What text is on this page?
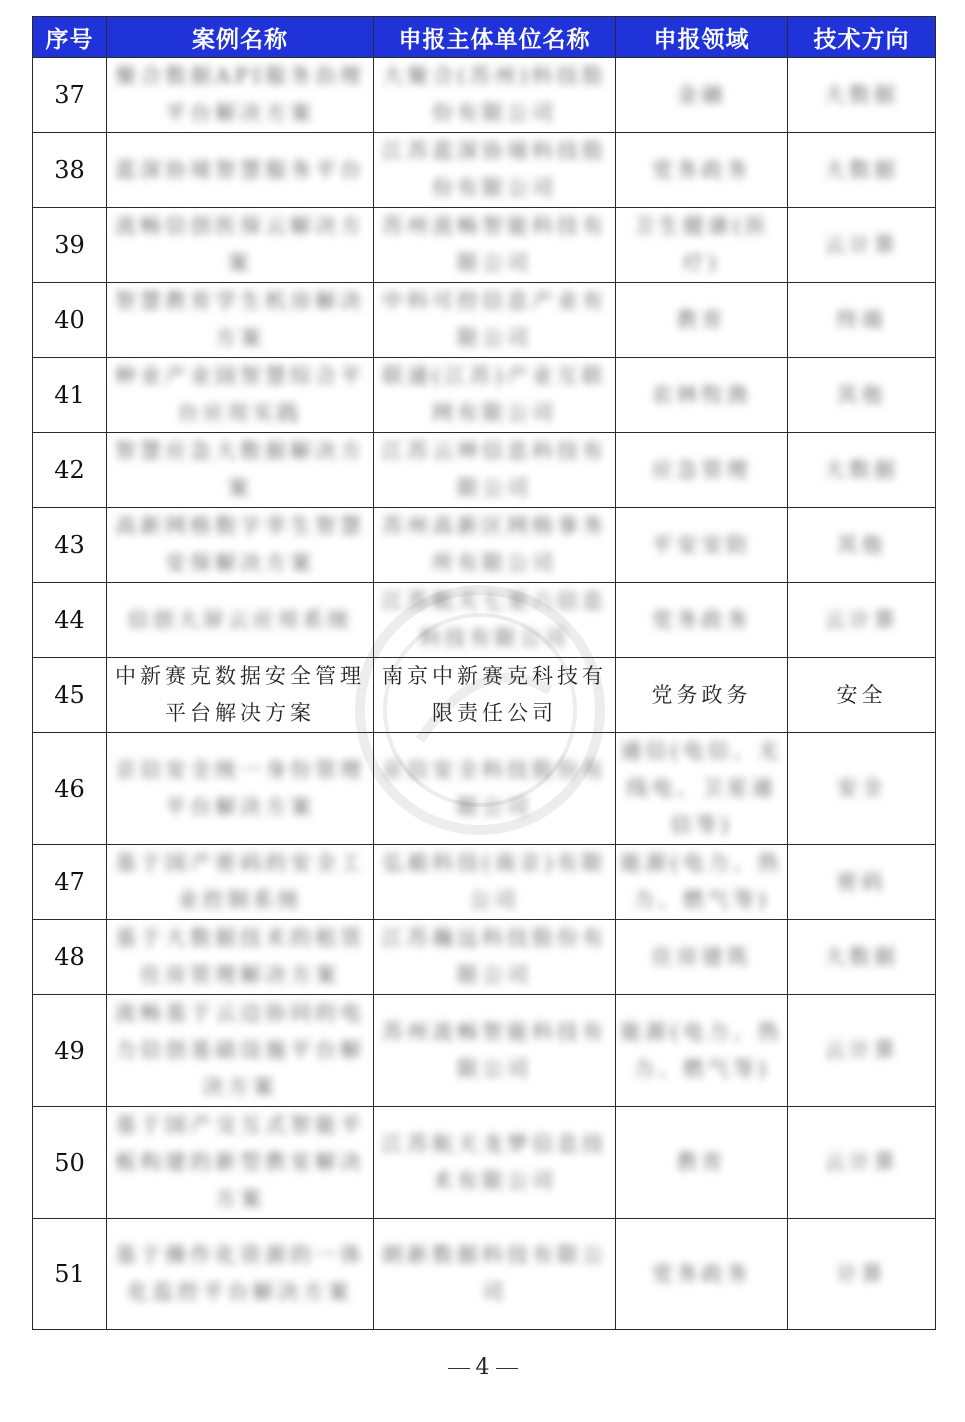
序号	案例名称	申报主体单位名称	申报领域	技术方向
37	聚合数据API服务治理平台解决方案	大聚合(苏州)科技股份有限公司	金融	大数据
38	蓝深协境智慧服务平台	江苏蓝深协境科技股份有限公司	党务政务	大数据
39	流畅信创医保云解决方案	苏州流畅智能科技有限公司	卫生健康(医疗)	云计算
40	智慧教育学生机房解决方案	中科可控信息产业有限公司	教育	终端
41	种业产业园智慧综合平台应用实践	联通(江苏)产业互联网有限公司	农林牧渔	其他
42	智慧应急大数据解决方案	江苏云坤信息科技有限公司	应急管理	大数据
43	高新网格数字孪生智慧安保解决方案	苏州高新区网格事务所有限公司	平安安防	其他
44	信创大屏云应用系统	江苏航天七星六信息科技有限公司	党务政务	云计算
45	中新赛克数据安全管理平台解决方案	南京中新赛克科技有限责任公司	党务政务	安全
46	京信安全统一身份管理平台解决方案	京信安全科技股份有限公司	通信(电信、无线电、卫星通信等)	安全
47	基于国产密码的安全工业控制系统	弘毅科技(南京)有限公司	能源(电力、热力、燃气等)	密码
48	基于大数据技术的租赁住房管理解决方案	江苏瀚远科技股份有限公司	住房建筑	大数据
49	流畅基于云边协同的电力信创基础设施平台解决方案	苏州流畅智能科技有限公司	能源(电力、热力、燃气等)	云计算
50	基于国产交互式智能平板构建的新型教室解决方案	江苏航天龙梦信息技术有限公司	教育	云计算
51	基于操作化资源的一体化监控平台解决方案	朗新数据科技有限公司	党务政务	计算
4
